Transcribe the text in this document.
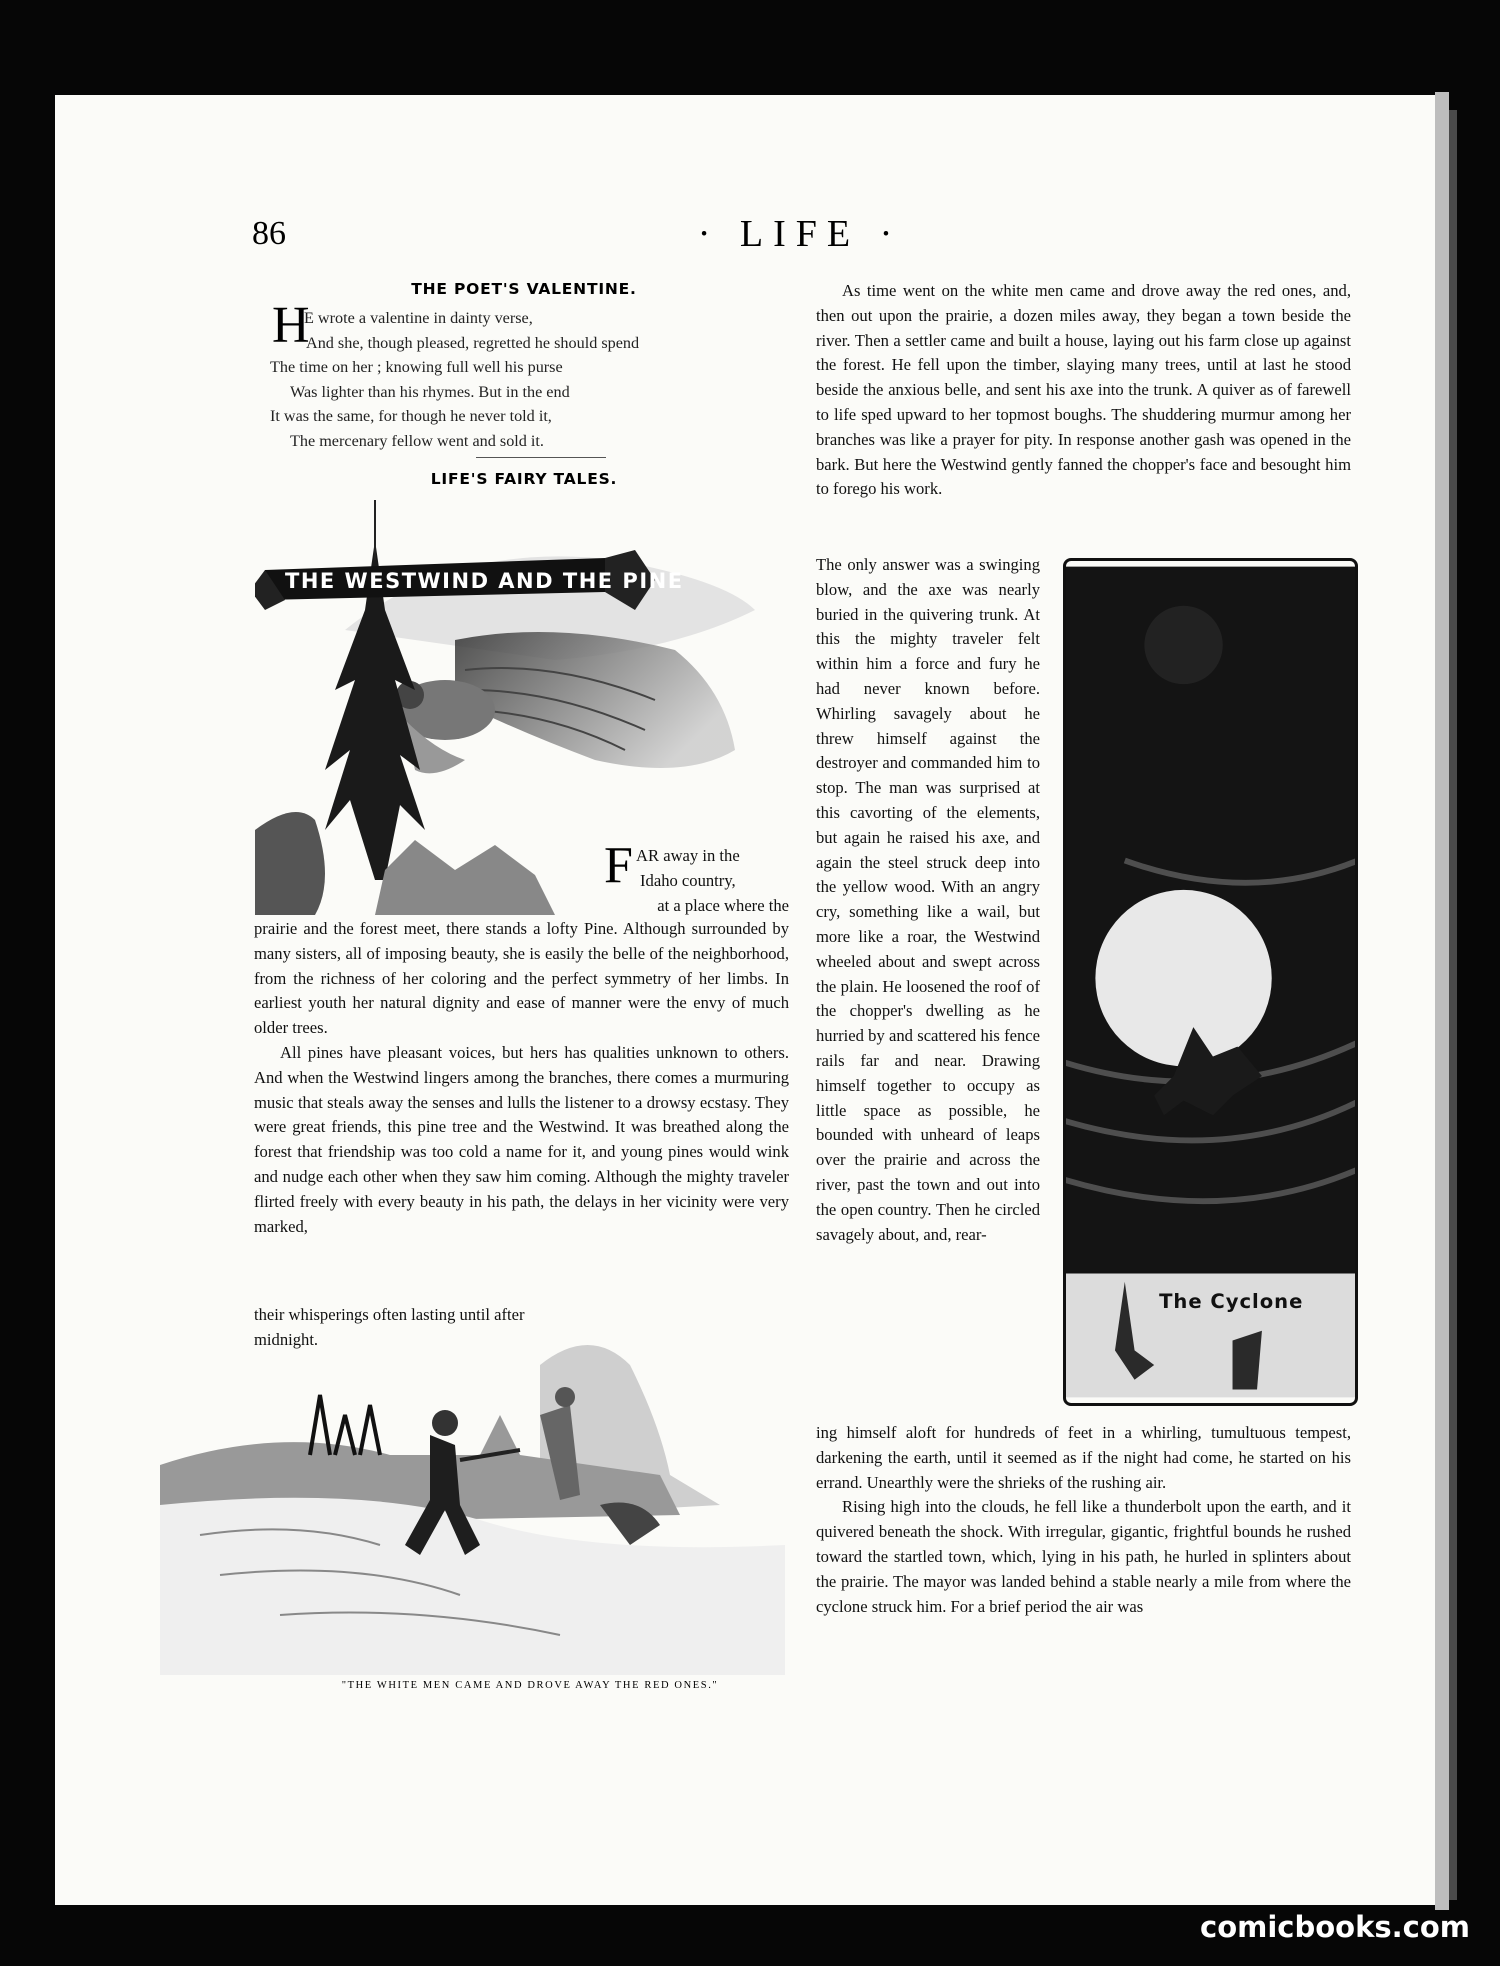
86	· LIFE ·
THE POET'S VALENTINE.
H
E wrote a valentine in dainty verse,
And she, though pleased, regretted he should spend
The time on her ; knowing full well his purse
Was lighter than his rhymes. But in the end
It was the same, for though he never told it,
The mercenary fellow went and sold it.
LIFE'S FAIRY TALES.
THE WESTWIND AND THE PINE
F AR away in the
Idaho country,
at a place where the

prairie and the forest meet, there stands a lofty Pine. Although surrounded by many sisters, all of imposing beauty, she is easily the belle of the neighborhood, from the richness of her coloring and the perfect symmetry of her limbs. In earliest youth her natural dignity and ease of manner were the envy of much older trees.

All pines have pleasant voices, but hers has qualities unknown to others. And when the Westwind lingers among the branches, there comes a murmuring music that steals away the senses and lulls the listener to a drowsy ecstasy. They were great friends, this pine tree and the Westwind. It was breathed along the forest that friendship was too cold a name for it, and young pines would wink and nudge each other when they saw him coming. Although the mighty traveler flirted freely with every beauty in his path, the delays in her vicinity were very marked,

their whisperings often lasting until after midnight.
"THE WHITE MEN CAME AND DROVE AWAY THE RED ONES."

As time went on the white men came and drove away the red ones, and, then out upon the prairie, a dozen miles away, they began a town beside the river. Then a settler came and built a house, laying out his farm close up against the forest. He fell upon the timber, slaying many trees, until at last he stood beside the anxious belle, and sent his axe into the trunk. A quiver as of farewell to life sped upward to her topmost boughs. The shuddering murmur among her branches was like a prayer for pity. In response another gash was opened in the bark. But here the Westwind gently fanned the chopper's face and besought him to forego his work.

The only answer was a swinging blow, and the axe was nearly buried in the quivering trunk. At this the mighty traveler felt within him a force and fury he had never known before. Whirling savagely about he threw himself against the destroyer and commanded him to stop. The man was surprised at this cavorting of the elements, but again he raised his axe, and again the steel struck deep into the yellow wood. With an angry cry, something like a wail, but more like a roar, the Westwind wheeled about and swept across the plain. He loosened the roof of the chopper's dwelling as he hurried by and scattered his fence rails far and near. Drawing himself together to occupy as little space as possible, he bounded with unheard of leaps over the prairie and across the river, past the town and out into the open country. Then he circled savagely about, and, rear-
The Cyclone

ing himself aloft for hundreds of feet in a whirling, tumultuous tempest, darkening the earth, until it seemed as if the night had come, he started on his errand. Unearthly were the shrieks of the rushing air.

Rising high into the clouds, he fell like a thunderbolt upon the earth, and it quivered beneath the shock. With irregular, gigantic, frightful bounds he rushed toward the startled town, which, lying in his path, he hurled in splinters about the prairie. The mayor was landed behind a stable nearly a mile from where the cyclone struck him. For a brief period the air was

comicbooks.com
